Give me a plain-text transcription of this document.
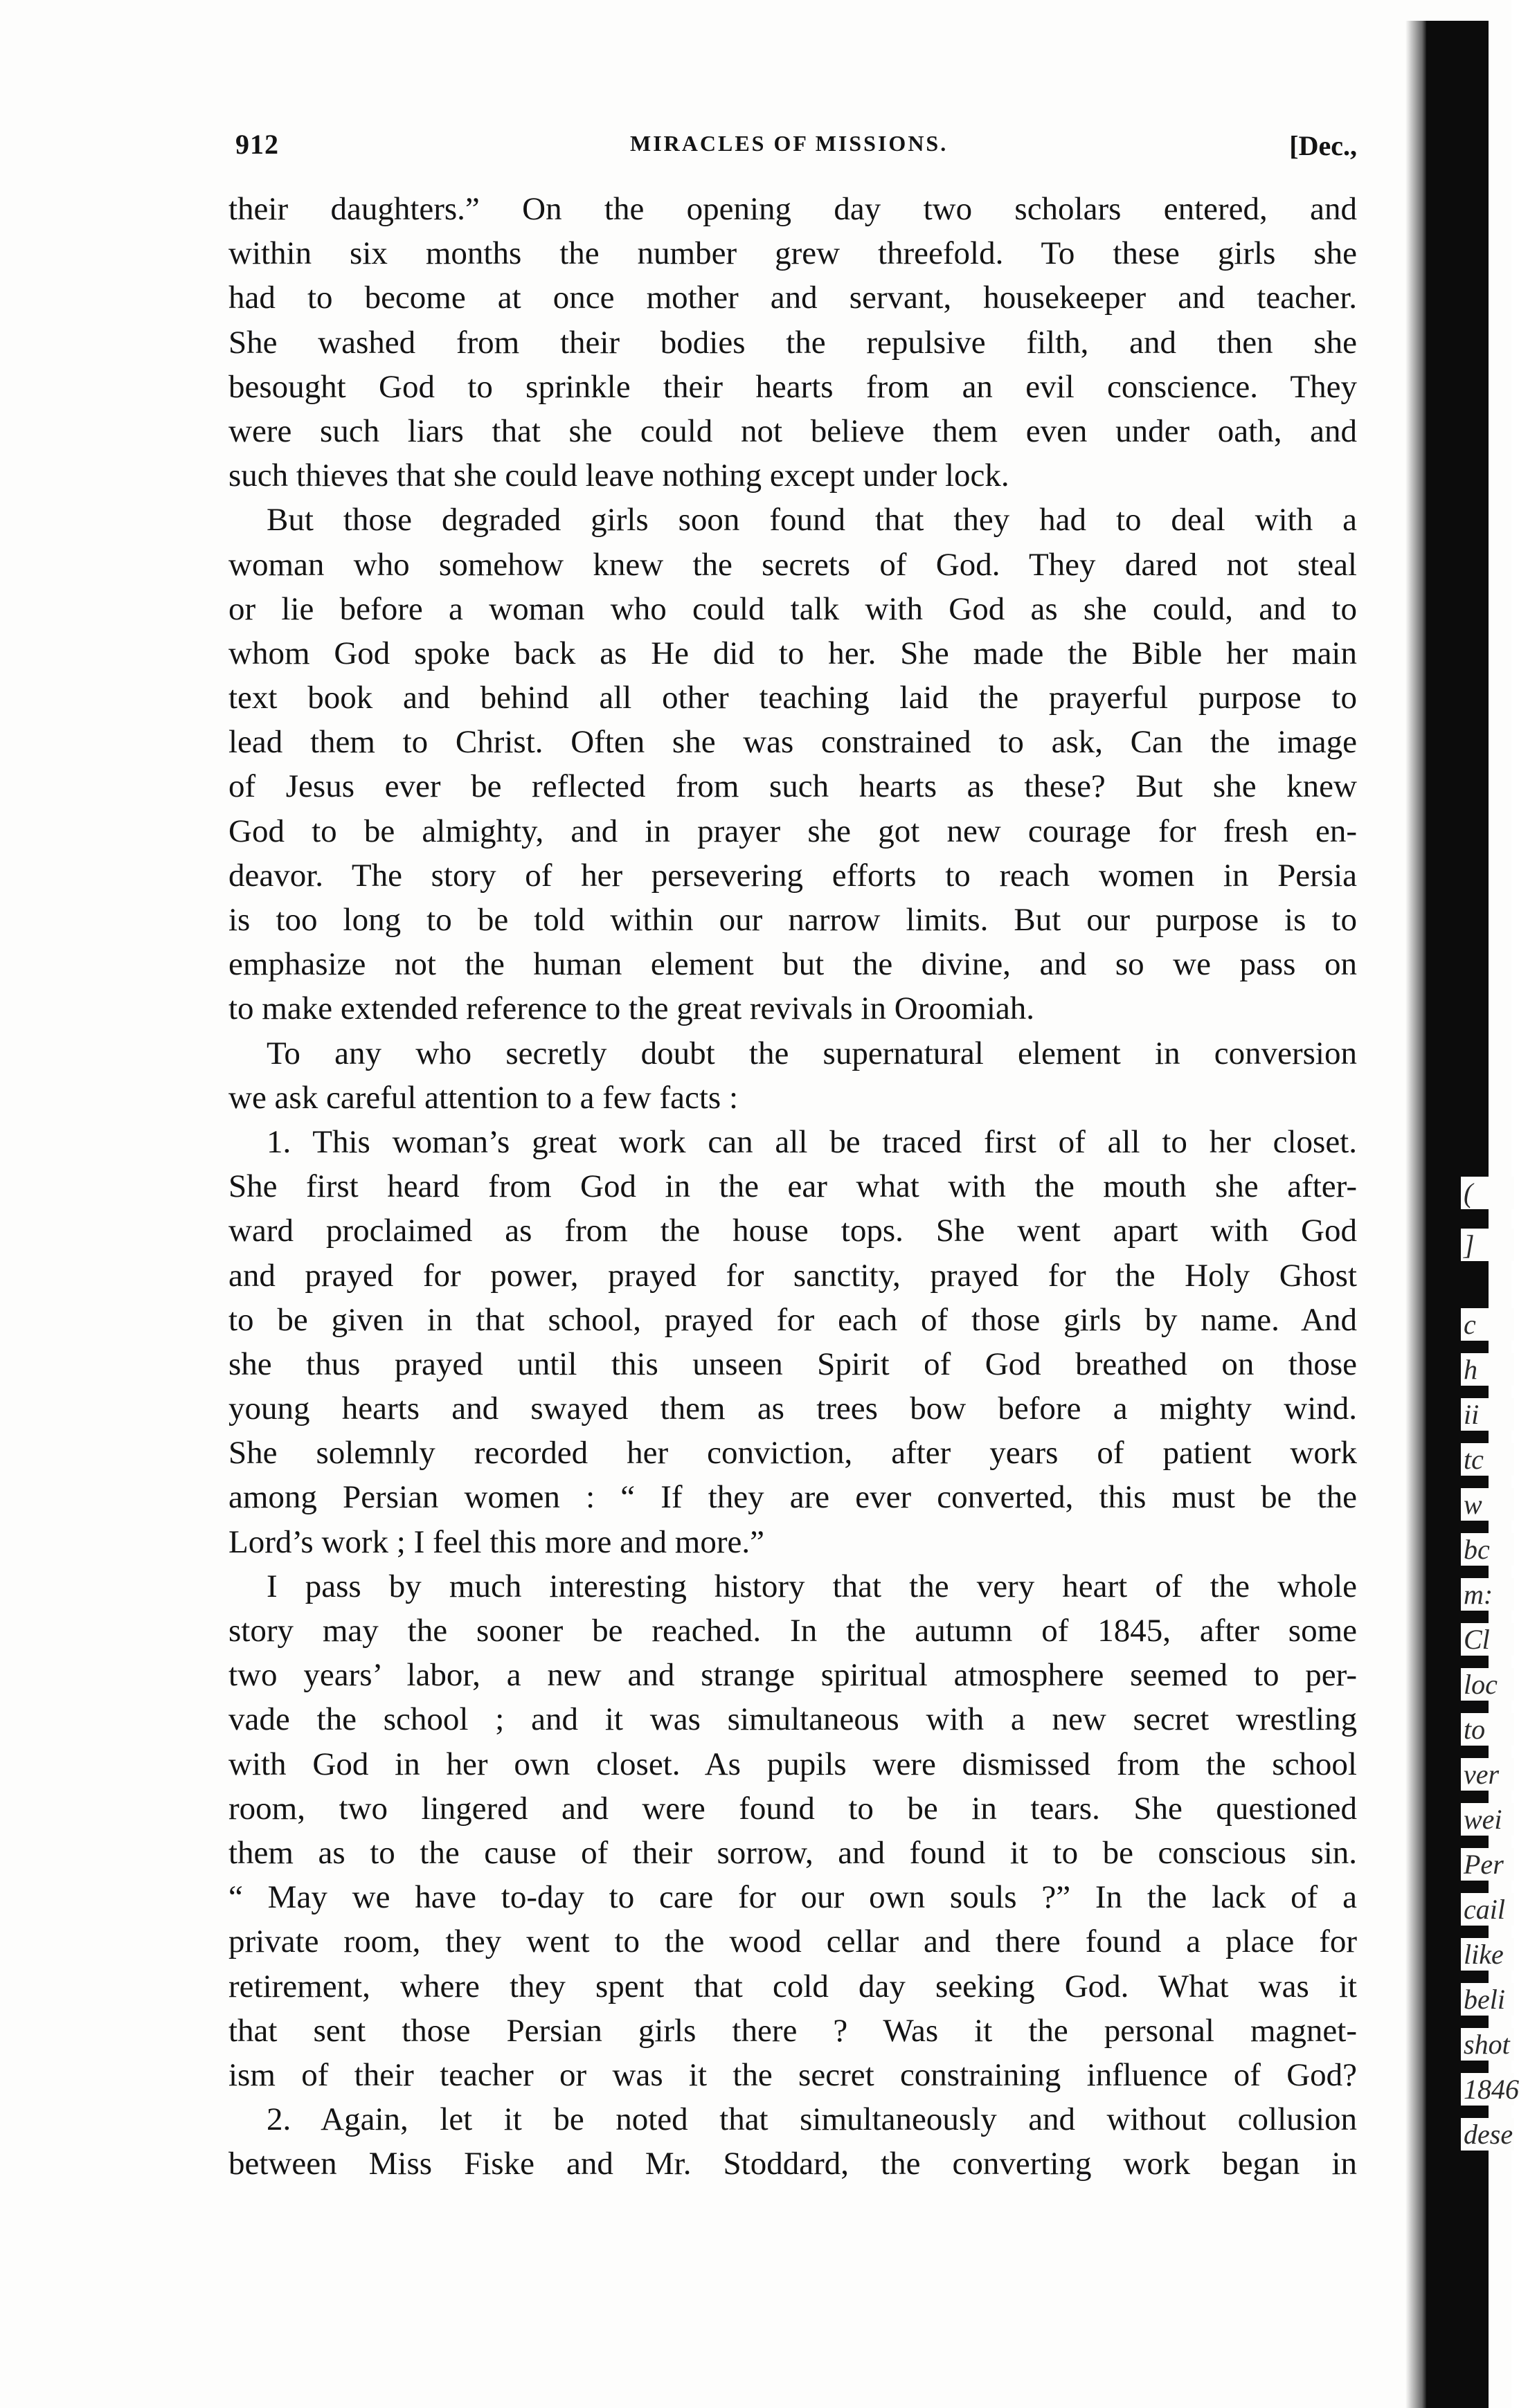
912	MIRACLES OF MISSIONS.	[Dec.,
their daughters.” On the opening day two scholars entered, and
within six months the number grew threefold. To these girls she
had to become at once mother and servant, housekeeper and teacher.
She washed from their bodies the repulsive filth, and then she
besought God to sprinkle their hearts from an evil conscience. They
were such liars that she could not believe them even under oath, and
such thieves that she could leave nothing except under lock.
But those degraded girls soon found that they had to deal with a
woman who somehow knew the secrets of God. They dared not steal
or lie before a woman who could talk with God as she could, and to
whom God spoke back as He did to her. She made the Bible her main
text book and behind all other teaching laid the prayerful purpose to
lead them to Christ. Often she was constrained to ask, Can the image
of Jesus ever be reflected from such hearts as these? But she knew
God to be almighty, and in prayer she got new courage for fresh en-
deavor. The story of her persevering efforts to reach women in Persia
is too long to be told within our narrow limits. But our purpose is to
emphasize not the human element but the divine, and so we pass on
to make extended reference to the great revivals in Oroomiah.
To any who secretly doubt the supernatural element in conversion
we ask careful attention to a few facts :
1. This woman’s great work can all be traced first of all to her closet.
She first heard from God in the ear what with the mouth she after-
ward proclaimed as from the house tops. She went apart with God
and prayed for power, prayed for sanctity, prayed for the Holy Ghost
to be given in that school, prayed for each of those girls by name. And
she thus prayed until this unseen Spirit of God breathed on those
young hearts and swayed them as trees bow before a mighty wind.
She solemnly recorded her conviction, after years of patient work
among Persian women : “ If they are ever converted, this must be the
Lord’s work ; I feel this more and more.”
I pass by much interesting history that the very heart of the whole
story may the sooner be reached. In the autumn of 1845, after some
two years’ labor, a new and strange spiritual atmosphere seemed to per-
vade the school ; and it was simultaneous with a new secret wrestling
with God in her own closet. As pupils were dismissed from the school
room, two lingered and were found to be in tears. She questioned
them as to the cause of their sorrow, and found it to be conscious sin.
“ May we have to-day to care for our own souls ?” In the lack of a
private room, they went to the wood cellar and there found a place for
retirement, where they spent that cold day seeking God. What was it
that sent those Persian girls there ? Was it the personal magnet-
ism of their teacher or was it the secret constraining influence of God?
2. Again, let it be noted that simultaneously and without collusion
between Miss Fiske and Mr. Stoddard, the converting work began in
(
]
c
h
ii
tc
w
bc
m:
Cl
loc
to
ver
wei
Per
cail
like
beli
shot
1846
dese
